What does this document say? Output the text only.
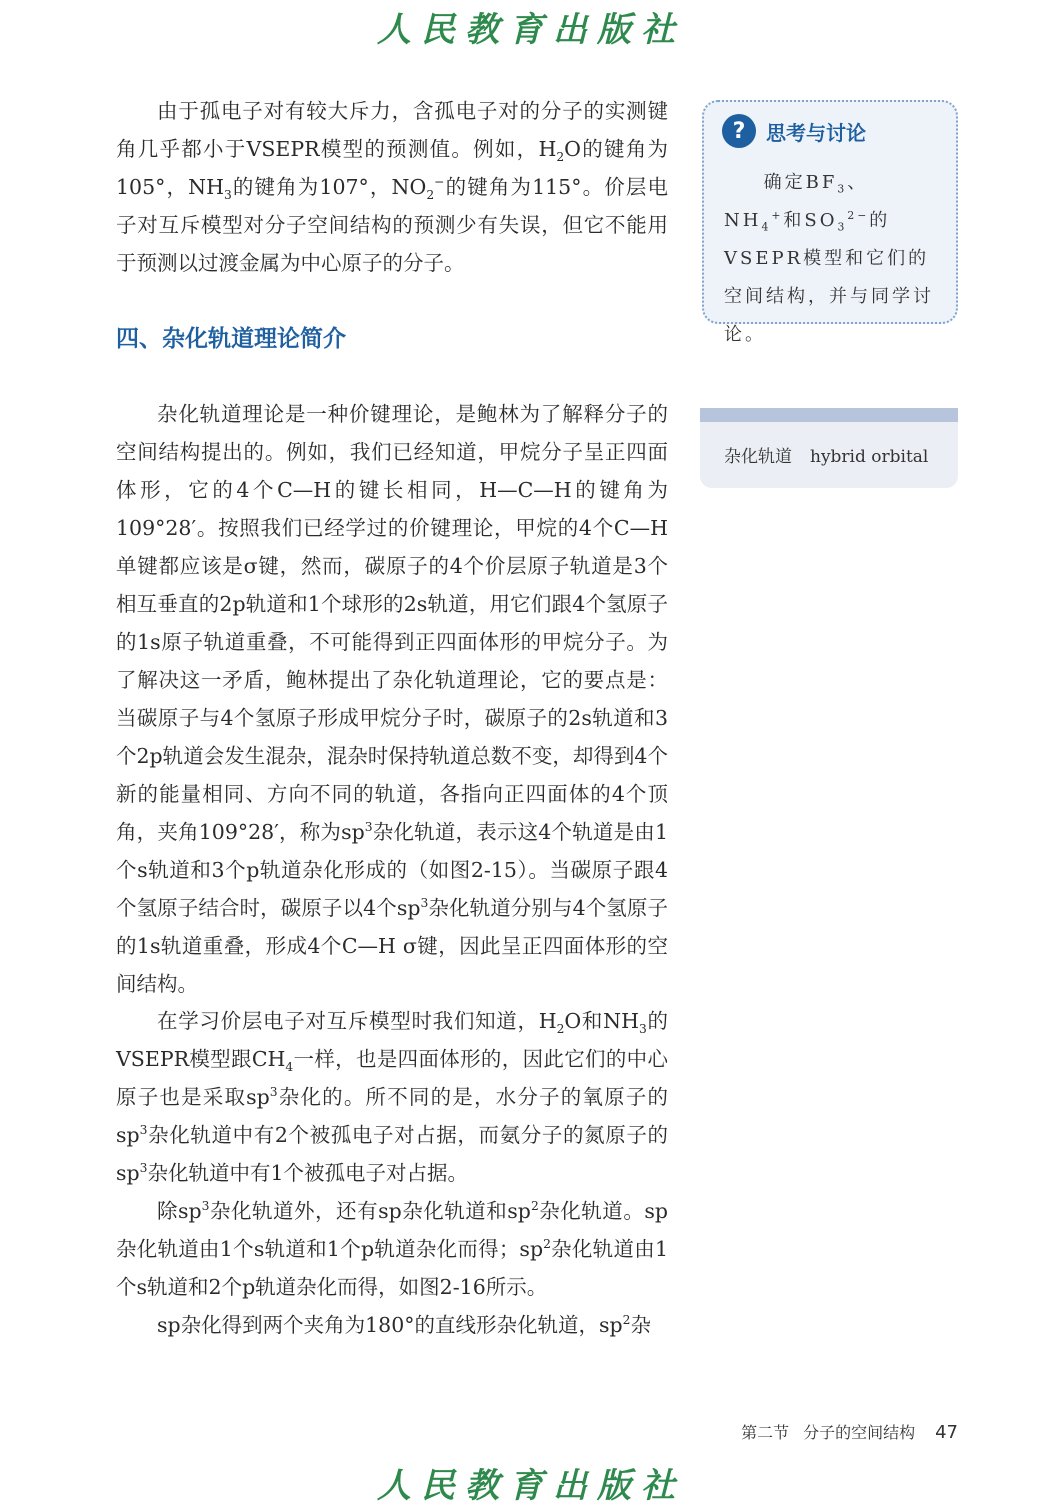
人民教育出版社

由于孤电子对有较大斥力，含孤电子对的分子的实测键角几乎都小于VSEPR模型的预测值。例如，$H_2O$的键角为105°，$NH_3$的键角为107°，$NO_2^-$的键角为115°。价层电子对互斥模型对分子空间结构的预测少有失误，但它不能用于预测以过渡金属为中心原子的分子。

四、杂化轨道理论简介

杂化轨道理论是一种价键理论，是鲍林为了解释分子的空间结构提出的。例如，我们已经知道，甲烷分子呈正四面体形，它的4个C—H的键长相同，H—C—H的键角为109°28′。按照我们已经学过的价键理论，甲烷的4个C—H单键都应该是σ键，然而，碳原子的4个价层原子轨道是3个相互垂直的2p轨道和1个球形的2s轨道，用它们跟4个氢原子的1s原子轨道重叠，不可能得到正四面体形的甲烷分子。为了解决这一矛盾，鲍林提出了杂化轨道理论，它的要点是：当碳原子与4个氢原子形成甲烷分子时，碳原子的2s轨道和3个2p轨道会发生混杂，混杂时保持轨道总数不变，却得到4个新的能量相同、方向不同的轨道，各指向正四面体的4个顶角，夹角109°28′，称为$sp^3$杂化轨道，表示这4个轨道是由1个s轨道和3个p轨道杂化形成的（如图2-15）。当碳原子跟4个氢原子结合时，碳原子以4个$sp^3$杂化轨道分别与4个氢原子的1s轨道重叠，形成4个C—H σ键，因此呈正四面体形的空间结构。

在学习价层电子对互斥模型时我们知道，$H_2O$和$NH_3$的VSEPR模型跟$CH_4$一样，也是四面体形的，因此它们的中心原子也是采取$sp^3$杂化的。所不同的是，水分子的氧原子的$sp^3$杂化轨道中有2个被孤电子对占据，而氨分子的氮原子的$sp^3$杂化轨道中有1个被孤电子对占据。

除$sp^3$杂化轨道外，还有sp杂化轨道和$sp^2$杂化轨道。sp杂化轨道由1个s轨道和1个p轨道杂化而得；$sp^2$杂化轨道由1个s轨道和2个p轨道杂化而得，如图2-16所示。

sp杂化得到两个夹角为180°的直线形杂化轨道，$sp^2$杂

?	思考与讨论
确定$BF_3$、$NH_4^+$和$SO_3^{2-}$的VSEPR模型和它们的空间结构，并与同学讨论。
杂化轨道 hybrid orbital
第二节 分子的空间结构 47
人民教育出版社
